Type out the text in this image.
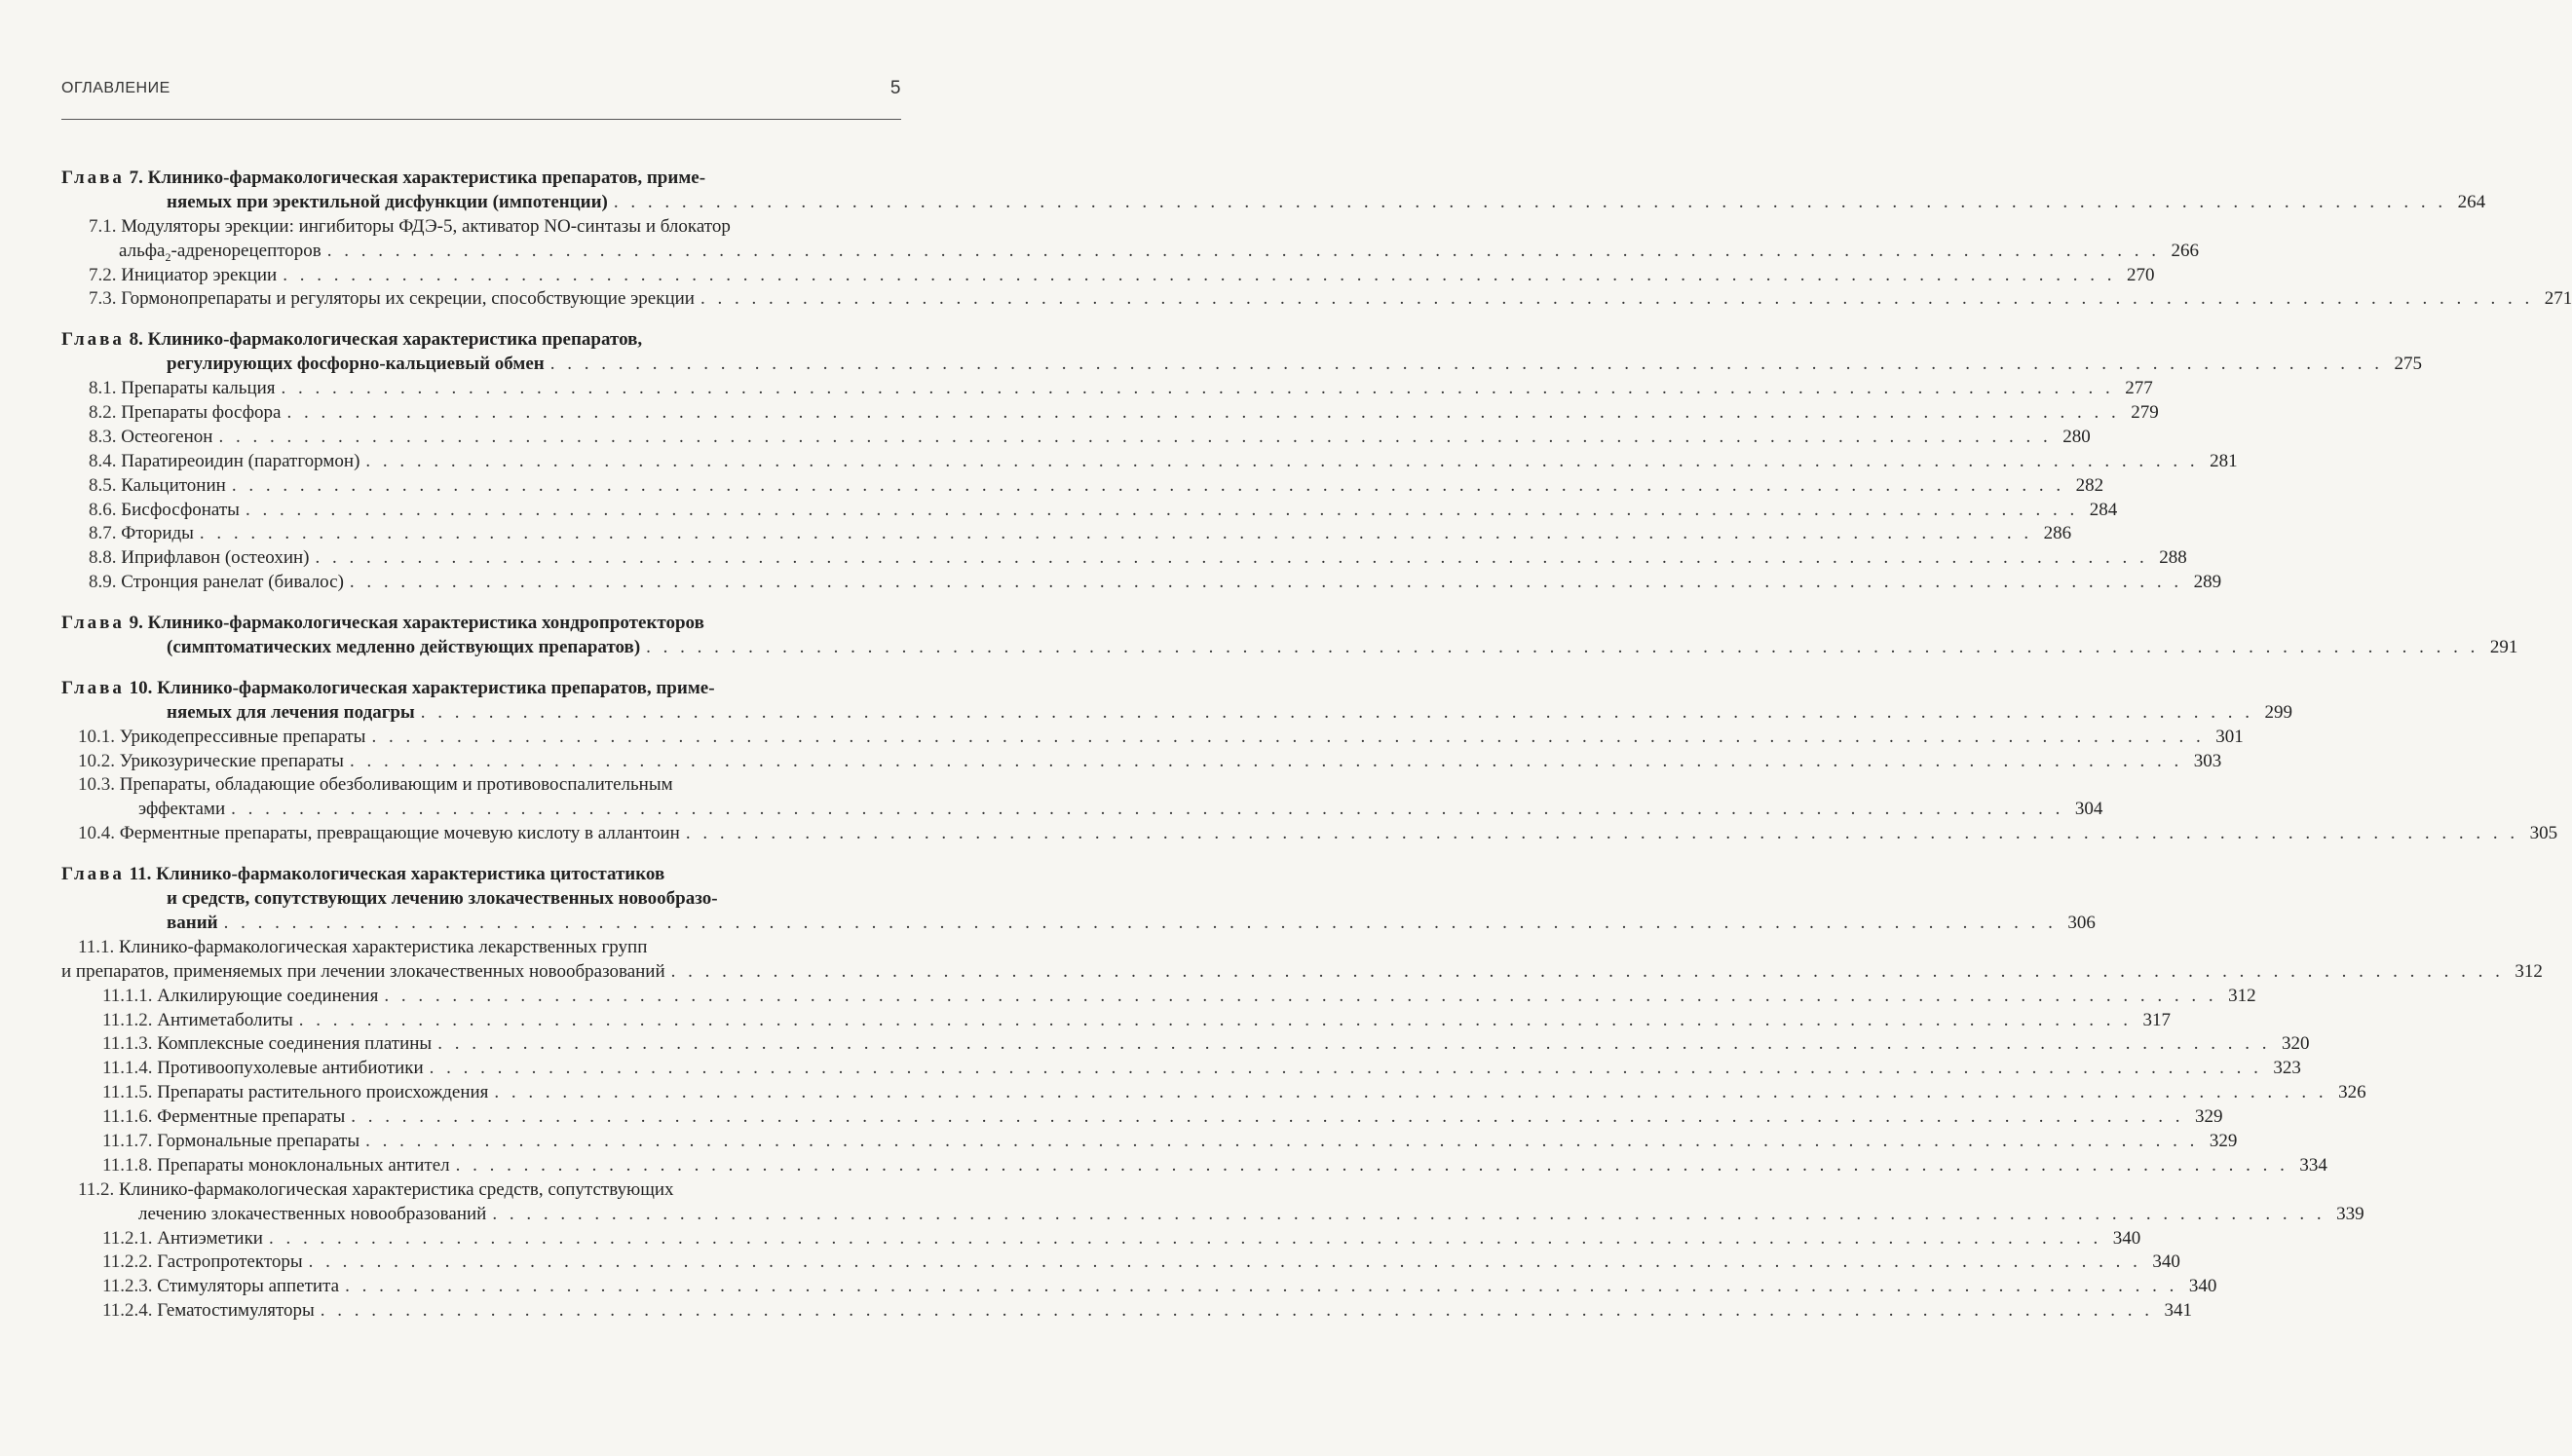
ОГЛАВЛЕНИЕ	5
Глава 7. Клинико-фармакологическая характеристика препаратов, приме-
няемых при эректильной дисфункции (импотенции) . . . . . . . . . . . . . . . . . . . . . . . . . . . . . . . . . . . . . . . . . . . . . . . . . . . . . . . . . . . . . . . . . . . . . . . . . . . . . . . . . . . . . . . . . . . . . . . . . . . . . . . . . . . . 264
7.1. Модуляторы эрекции: ингибиторы ФДЭ-5, активатор NO-синтазы и блокатор
альфа$_2$-адренорецепторов . . . . . . . . . . . . . . . . . . . . . . . . . . . . . . . . . . . . . . . . . . . . . . . . . . . . . . . . . . . . . . . . . . . . . . . . . . . . . . . . . . . . . . . . . . . . . . . . . . . . . . . . . . . . 266
7.2. Инициатор эрекции . . . . . . . . . . . . . . . . . . . . . . . . . . . . . . . . . . . . . . . . . . . . . . . . . . . . . . . . . . . . . . . . . . . . . . . . . . . . . . . . . . . . . . . . . . . . . . . . . . . . . . . . . . . . 270
7.3. Гормонопрепараты и регуляторы их секреции, способствующие эрекции . . . . . . . . . . . . . . . . . . . . . . . . . . . . . . . . . . . . . . . . . . . . . . . . . . . . . . . . . . . . . . . . . . . . . . . . . . . . . . . . . . . . . . . . . . . . . . . . . . . . . . . . . . . . 271
Глава 8. Клинико-фармакологическая характеристика препаратов,
регулирующих фосфорно-кальциевый обмен . . . . . . . . . . . . . . . . . . . . . . . . . . . . . . . . . . . . . . . . . . . . . . . . . . . . . . . . . . . . . . . . . . . . . . . . . . . . . . . . . . . . . . . . . . . . . . . . . . . . . . . . . . . . 275
8.1. Препараты кальция . . . . . . . . . . . . . . . . . . . . . . . . . . . . . . . . . . . . . . . . . . . . . . . . . . . . . . . . . . . . . . . . . . . . . . . . . . . . . . . . . . . . . . . . . . . . . . . . . . . . . . . . . . . . 277
8.2. Препараты фосфора . . . . . . . . . . . . . . . . . . . . . . . . . . . . . . . . . . . . . . . . . . . . . . . . . . . . . . . . . . . . . . . . . . . . . . . . . . . . . . . . . . . . . . . . . . . . . . . . . . . . . . . . . . . . 279
8.3. Остеогенон . . . . . . . . . . . . . . . . . . . . . . . . . . . . . . . . . . . . . . . . . . . . . . . . . . . . . . . . . . . . . . . . . . . . . . . . . . . . . . . . . . . . . . . . . . . . . . . . . . . . . . . . . . . . 280
8.4. Паратиреоидин (паратгормон) . . . . . . . . . . . . . . . . . . . . . . . . . . . . . . . . . . . . . . . . . . . . . . . . . . . . . . . . . . . . . . . . . . . . . . . . . . . . . . . . . . . . . . . . . . . . . . . . . . . . . . . . . . . . 281
8.5. Кальцитонин . . . . . . . . . . . . . . . . . . . . . . . . . . . . . . . . . . . . . . . . . . . . . . . . . . . . . . . . . . . . . . . . . . . . . . . . . . . . . . . . . . . . . . . . . . . . . . . . . . . . . . . . . . . . 282
8.6. Бисфосфонаты . . . . . . . . . . . . . . . . . . . . . . . . . . . . . . . . . . . . . . . . . . . . . . . . . . . . . . . . . . . . . . . . . . . . . . . . . . . . . . . . . . . . . . . . . . . . . . . . . . . . . . . . . . . . 284
8.7. Фториды . . . . . . . . . . . . . . . . . . . . . . . . . . . . . . . . . . . . . . . . . . . . . . . . . . . . . . . . . . . . . . . . . . . . . . . . . . . . . . . . . . . . . . . . . . . . . . . . . . . . . . . . . . . . 286
8.8. Иприфлавон (остеохин) . . . . . . . . . . . . . . . . . . . . . . . . . . . . . . . . . . . . . . . . . . . . . . . . . . . . . . . . . . . . . . . . . . . . . . . . . . . . . . . . . . . . . . . . . . . . . . . . . . . . . . . . . . . . 288
8.9. Стронция ранелат (бивалос) . . . . . . . . . . . . . . . . . . . . . . . . . . . . . . . . . . . . . . . . . . . . . . . . . . . . . . . . . . . . . . . . . . . . . . . . . . . . . . . . . . . . . . . . . . . . . . . . . . . . . . . . . . . . 289
Глава 9. Клинико-фармакологическая характеристика хондропротекторов
(симптоматических медленно действующих препаратов) . . . . . . . . . . . . . . . . . . . . . . . . . . . . . . . . . . . . . . . . . . . . . . . . . . . . . . . . . . . . . . . . . . . . . . . . . . . . . . . . . . . . . . . . . . . . . . . . . . . . . . . . . . . . 291
Глава 10. Клинико-фармакологическая характеристика препаратов, приме-
няемых для лечения подагры . . . . . . . . . . . . . . . . . . . . . . . . . . . . . . . . . . . . . . . . . . . . . . . . . . . . . . . . . . . . . . . . . . . . . . . . . . . . . . . . . . . . . . . . . . . . . . . . . . . . . . . . . . . . 299
10.1. Урикодепрессивные препараты . . . . . . . . . . . . . . . . . . . . . . . . . . . . . . . . . . . . . . . . . . . . . . . . . . . . . . . . . . . . . . . . . . . . . . . . . . . . . . . . . . . . . . . . . . . . . . . . . . . . . . . . . . . . 301
10.2. Урикозурические препараты . . . . . . . . . . . . . . . . . . . . . . . . . . . . . . . . . . . . . . . . . . . . . . . . . . . . . . . . . . . . . . . . . . . . . . . . . . . . . . . . . . . . . . . . . . . . . . . . . . . . . . . . . . . . 303
10.3. Препараты, обладающие обезболивающим и противовоспалительным
эффектами . . . . . . . . . . . . . . . . . . . . . . . . . . . . . . . . . . . . . . . . . . . . . . . . . . . . . . . . . . . . . . . . . . . . . . . . . . . . . . . . . . . . . . . . . . . . . . . . . . . . . . . . . . . . 304
10.4. Ферментные препараты, превращающие мочевую кислоту в аллантоин . . . . . . . . . . . . . . . . . . . . . . . . . . . . . . . . . . . . . . . . . . . . . . . . . . . . . . . . . . . . . . . . . . . . . . . . . . . . . . . . . . . . . . . . . . . . . . . . . . . . . . . . . . . . 305
Глава 11. Клинико-фармакологическая характеристика цитостатиков
и средств, сопутствующих лечению злокачественных новообразо-
ваний . . . . . . . . . . . . . . . . . . . . . . . . . . . . . . . . . . . . . . . . . . . . . . . . . . . . . . . . . . . . . . . . . . . . . . . . . . . . . . . . . . . . . . . . . . . . . . . . . . . . . . . . . . . . 306
11.1. Клинико-фармакологическая характеристика лекарственных групп
и препаратов, применяемых при лечении злокачественных новообразований . . . . . . . . . . . . . . . . . . . . . . . . . . . . . . . . . . . . . . . . . . . . . . . . . . . . . . . . . . . . . . . . . . . . . . . . . . . . . . . . . . . . . . . . . . . . . . . . . . . . . . . . . . . . 312
11.1.1. Алкилирующие соединения . . . . . . . . . . . . . . . . . . . . . . . . . . . . . . . . . . . . . . . . . . . . . . . . . . . . . . . . . . . . . . . . . . . . . . . . . . . . . . . . . . . . . . . . . . . . . . . . . . . . . . . . . . . . 312
11.1.2. Антиметаболиты . . . . . . . . . . . . . . . . . . . . . . . . . . . . . . . . . . . . . . . . . . . . . . . . . . . . . . . . . . . . . . . . . . . . . . . . . . . . . . . . . . . . . . . . . . . . . . . . . . . . . . . . . . . . 317
11.1.3. Комплексные соединения платины . . . . . . . . . . . . . . . . . . . . . . . . . . . . . . . . . . . . . . . . . . . . . . . . . . . . . . . . . . . . . . . . . . . . . . . . . . . . . . . . . . . . . . . . . . . . . . . . . . . . . . . . . . . . 320
11.1.4. Противоопухолевые антибиотики . . . . . . . . . . . . . . . . . . . . . . . . . . . . . . . . . . . . . . . . . . . . . . . . . . . . . . . . . . . . . . . . . . . . . . . . . . . . . . . . . . . . . . . . . . . . . . . . . . . . . . . . . . . . 323
11.1.5. Препараты растительного происхождения . . . . . . . . . . . . . . . . . . . . . . . . . . . . . . . . . . . . . . . . . . . . . . . . . . . . . . . . . . . . . . . . . . . . . . . . . . . . . . . . . . . . . . . . . . . . . . . . . . . . . . . . . . . . 326
11.1.6. Ферментные препараты . . . . . . . . . . . . . . . . . . . . . . . . . . . . . . . . . . . . . . . . . . . . . . . . . . . . . . . . . . . . . . . . . . . . . . . . . . . . . . . . . . . . . . . . . . . . . . . . . . . . . . . . . . . . 329
11.1.7. Гормональные препараты . . . . . . . . . . . . . . . . . . . . . . . . . . . . . . . . . . . . . . . . . . . . . . . . . . . . . . . . . . . . . . . . . . . . . . . . . . . . . . . . . . . . . . . . . . . . . . . . . . . . . . . . . . . . 329
11.1.8. Препараты моноклональных антител . . . . . . . . . . . . . . . . . . . . . . . . . . . . . . . . . . . . . . . . . . . . . . . . . . . . . . . . . . . . . . . . . . . . . . . . . . . . . . . . . . . . . . . . . . . . . . . . . . . . . . . . . . . . 334
11.2. Клинико-фармакологическая характеристика средств, сопутствующих
лечению злокачественных новообразований . . . . . . . . . . . . . . . . . . . . . . . . . . . . . . . . . . . . . . . . . . . . . . . . . . . . . . . . . . . . . . . . . . . . . . . . . . . . . . . . . . . . . . . . . . . . . . . . . . . . . . . . . . . . 339
11.2.1. Антиэметики . . . . . . . . . . . . . . . . . . . . . . . . . . . . . . . . . . . . . . . . . . . . . . . . . . . . . . . . . . . . . . . . . . . . . . . . . . . . . . . . . . . . . . . . . . . . . . . . . . . . . . . . . . . . 340
11.2.2. Гастропротекторы . . . . . . . . . . . . . . . . . . . . . . . . . . . . . . . . . . . . . . . . . . . . . . . . . . . . . . . . . . . . . . . . . . . . . . . . . . . . . . . . . . . . . . . . . . . . . . . . . . . . . . . . . . . . 340
11.2.3. Стимуляторы аппетита . . . . . . . . . . . . . . . . . . . . . . . . . . . . . . . . . . . . . . . . . . . . . . . . . . . . . . . . . . . . . . . . . . . . . . . . . . . . . . . . . . . . . . . . . . . . . . . . . . . . . . . . . . . . 340
11.2.4. Гематостимуляторы . . . . . . . . . . . . . . . . . . . . . . . . . . . . . . . . . . . . . . . . . . . . . . . . . . . . . . . . . . . . . . . . . . . . . . . . . . . . . . . . . . . . . . . . . . . . . . . . . . . . . . . . . . . . 341
